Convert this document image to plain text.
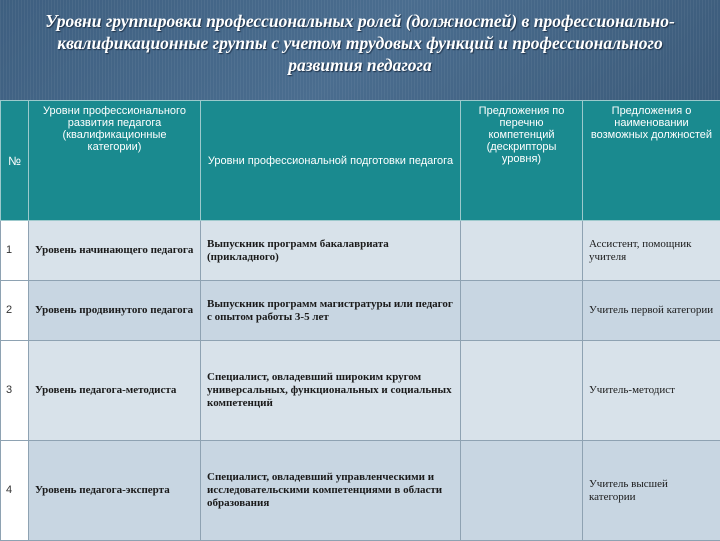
Уровни группировки профессиональных ролей (должностей) в профессионально-квалификационные группы с учетом трудовых функций и профессионального развития педагога
№	Уровни профессионального развития педагога (квалификационные категории)	Уровни профессиональной подготовки педагога	Предложения по перечню компетенций (дескрипторы уровня)	Предложения о наименовании возможных должностей
1	Уровень начинающего педагога	Выпускник программ бакалавриата (прикладного)		Ассистент, помощник учителя
2	Уровень продвинутого педагога	Выпускник программ магистратуры или педагог с опытом работы 3-5 лет		Учитель первой категории
3	Уровень педагога-методиста	Специалист, овладевший широким кругом универсальных, функциональных и социальных компетенций		Учитель-методист
4	Уровень педагога-эксперта	Специалист, овладевший управленческими и исследовательскими компетенциями в области образования		Учитель высшей категории
